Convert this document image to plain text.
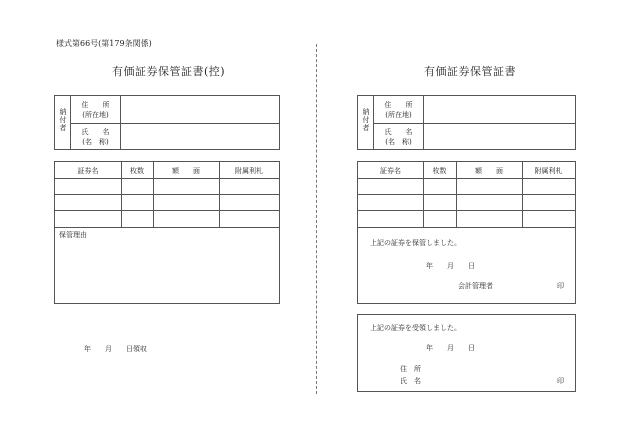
様式第66号(第179条関係)
有価証券保管証書(控)
納付者
住　　所
(所在地)
氏　　名
(名　称)
証券名	枚数	額　　面	附属利札
保管理由
年　　月　　日領収
有価証券保管証書
納付者
住　　所
(所在地)
氏　　名
(名　称)
証券名	枚数	額　　面	附属利札
上記の証券を保管しました。
年　　月　　日
会計管理者	印
上記の証券を受領しました。
年　　月　　日
住　所
氏　名	印
